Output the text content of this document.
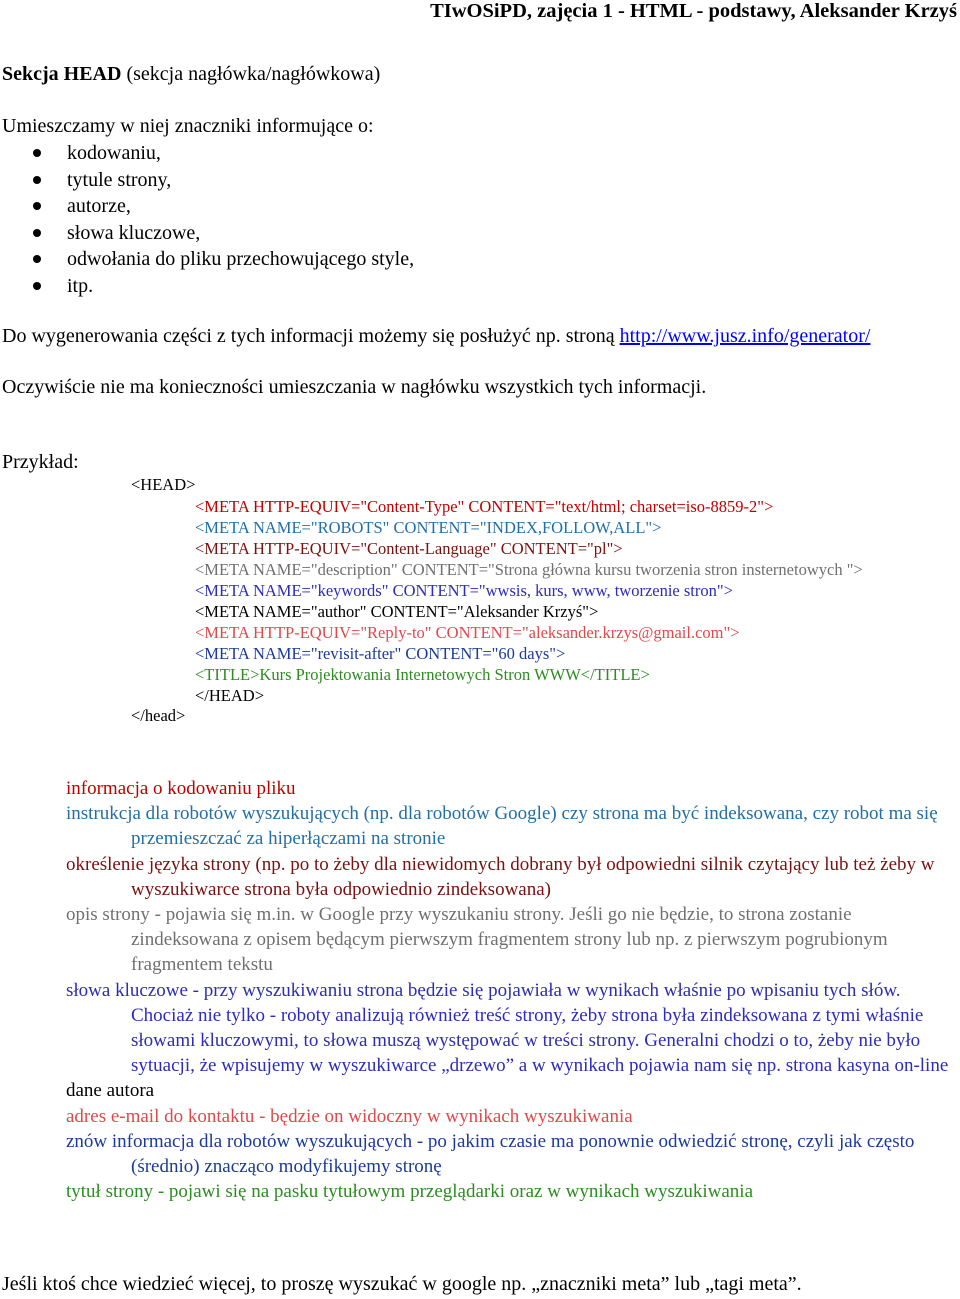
TIwOSiPD, zajęcia 1 - HTML - podstawy, Aleksander Krzyś
Sekcja HEAD (sekcja nagłówka/nagłówkowa)
Umieszczamy w niej znaczniki informujące o:
kodowaniu,
tytule strony,
autorze,
słowa kluczowe,
odwołania do pliku przechowującego style,
itp.
Do wygenerowania części z tych informacji możemy się posłużyć np. stroną http://www.jusz.info/generator/
Oczywiście nie ma konieczności umieszczania w nagłówku wszystkich tych informacji.
Przykład:
<HEAD>
<META HTTP-EQUIV="Content-Type" CONTENT="text/html; charset=iso-8859-2">
<META NAME="ROBOTS" CONTENT="INDEX,FOLLOW,ALL">
<META HTTP-EQUIV="Content-Language" CONTENT="pl">
<META NAME="description" CONTENT="Strona główna kursu tworzenia stron insternetowych ">
<META NAME="keywords" CONTENT="wwsis, kurs, www, tworzenie stron">
<META NAME="author" CONTENT="Aleksander Krzyś">
<META HTTP-EQUIV="Reply-to" CONTENT="aleksander.krzys@gmail.com">
<META NAME="revisit-after" CONTENT="60 days">
<TITLE>Kurs Projektowania Internetowych Stron WWW</TITLE>
</HEAD>
</head>
informacja o kodowaniu pliku
instrukcja dla robotów wyszukujących (np. dla robotów Google) czy strona ma być indeksowana, czy robot ma się przemieszczać za hiperłączami na stronie
określenie języka strony (np. po to żeby dla niewidomych dobrany był odpowiedni silnik czytający lub też żeby w wyszukiwarce strona była odpowiednio zindeksowana)
opis strony - pojawia się m.in. w Google przy wyszukaniu strony. Jeśli go nie będzie, to strona zostanie zindeksowana z opisem będącym pierwszym fragmentem strony lub np. z pierwszym pogrubionym fragmentem tekstu
słowa kluczowe - przy wyszukiwaniu strona będzie się pojawiała w wynikach właśnie po wpisaniu tych słów. Chociaż nie tylko - roboty analizują również treść strony, żeby strona była zindeksowana z tymi właśnie słowami kluczowymi, to słowa muszą występować w treści strony. Generalni chodzi o to, żeby nie było sytuacji, że wpisujemy w wyszukiwarce „drzewo” a w wynikach pojawia nam się np. strona kasyna on-line
dane autora
adres e-mail do kontaktu - będzie on widoczny w wynikach wyszukiwania
znów informacja dla robotów wyszukujących - po jakim czasie ma ponownie odwiedzić stronę, czyli jak często (średnio) znacząco modyfikujemy stronę
tytuł strony - pojawi się na pasku tytułowym przeglądarki oraz w wynikach wyszukiwania
Jeśli ktoś chce wiedzieć więcej, to proszę wyszukać w google np. „znaczniki meta” lub „tagi meta”.
